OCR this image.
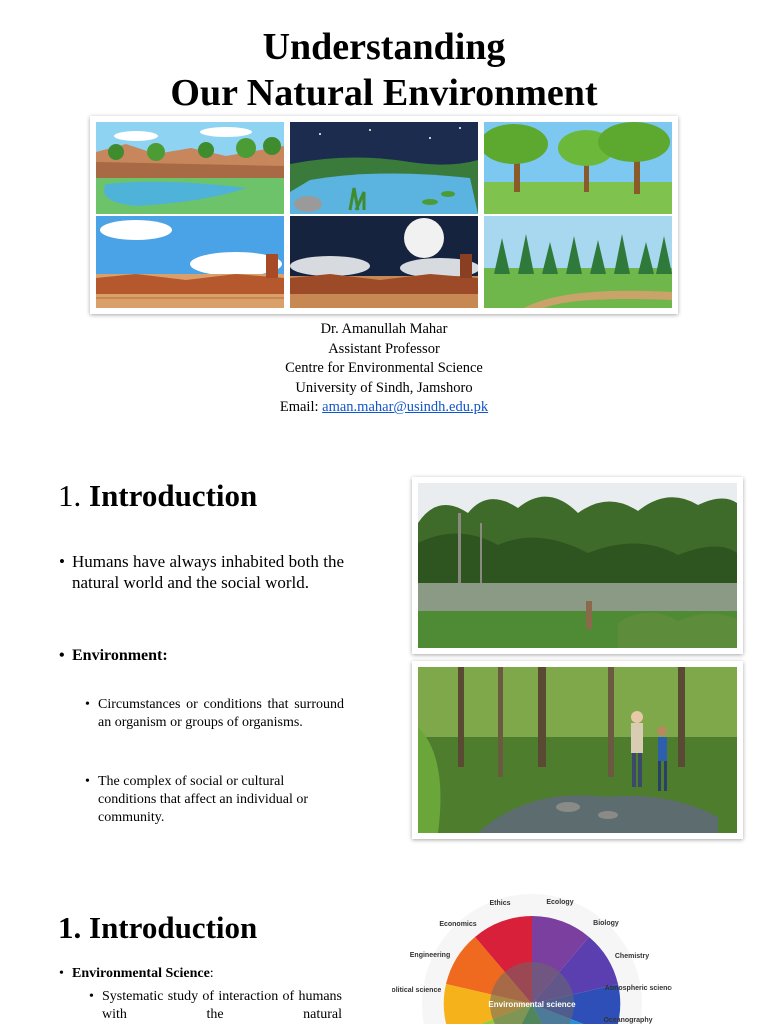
Understanding
Our Natural Environment
Dr. Amanullah Mahar
Assistant Professor
Centre for Environmental Science
University of Sindh, Jamshoro
Email: aman.mahar@usindh.edu.pk
1. Introduction
• Humans have always inhabited both the natural world and the social world.
• Environment:
• Circumstances or conditions that surround an organism or groups of organisms.
• The complex of social or cultural conditions that affect an individual or community.
1. Introduction
• Environmental Science:
• Systematic study of interaction of humans with the natural
Environmental science
Ethics	Ecology
Economics	Biology
Engineering	Chemistry
Political science	Atmospheric science
Oceanography
